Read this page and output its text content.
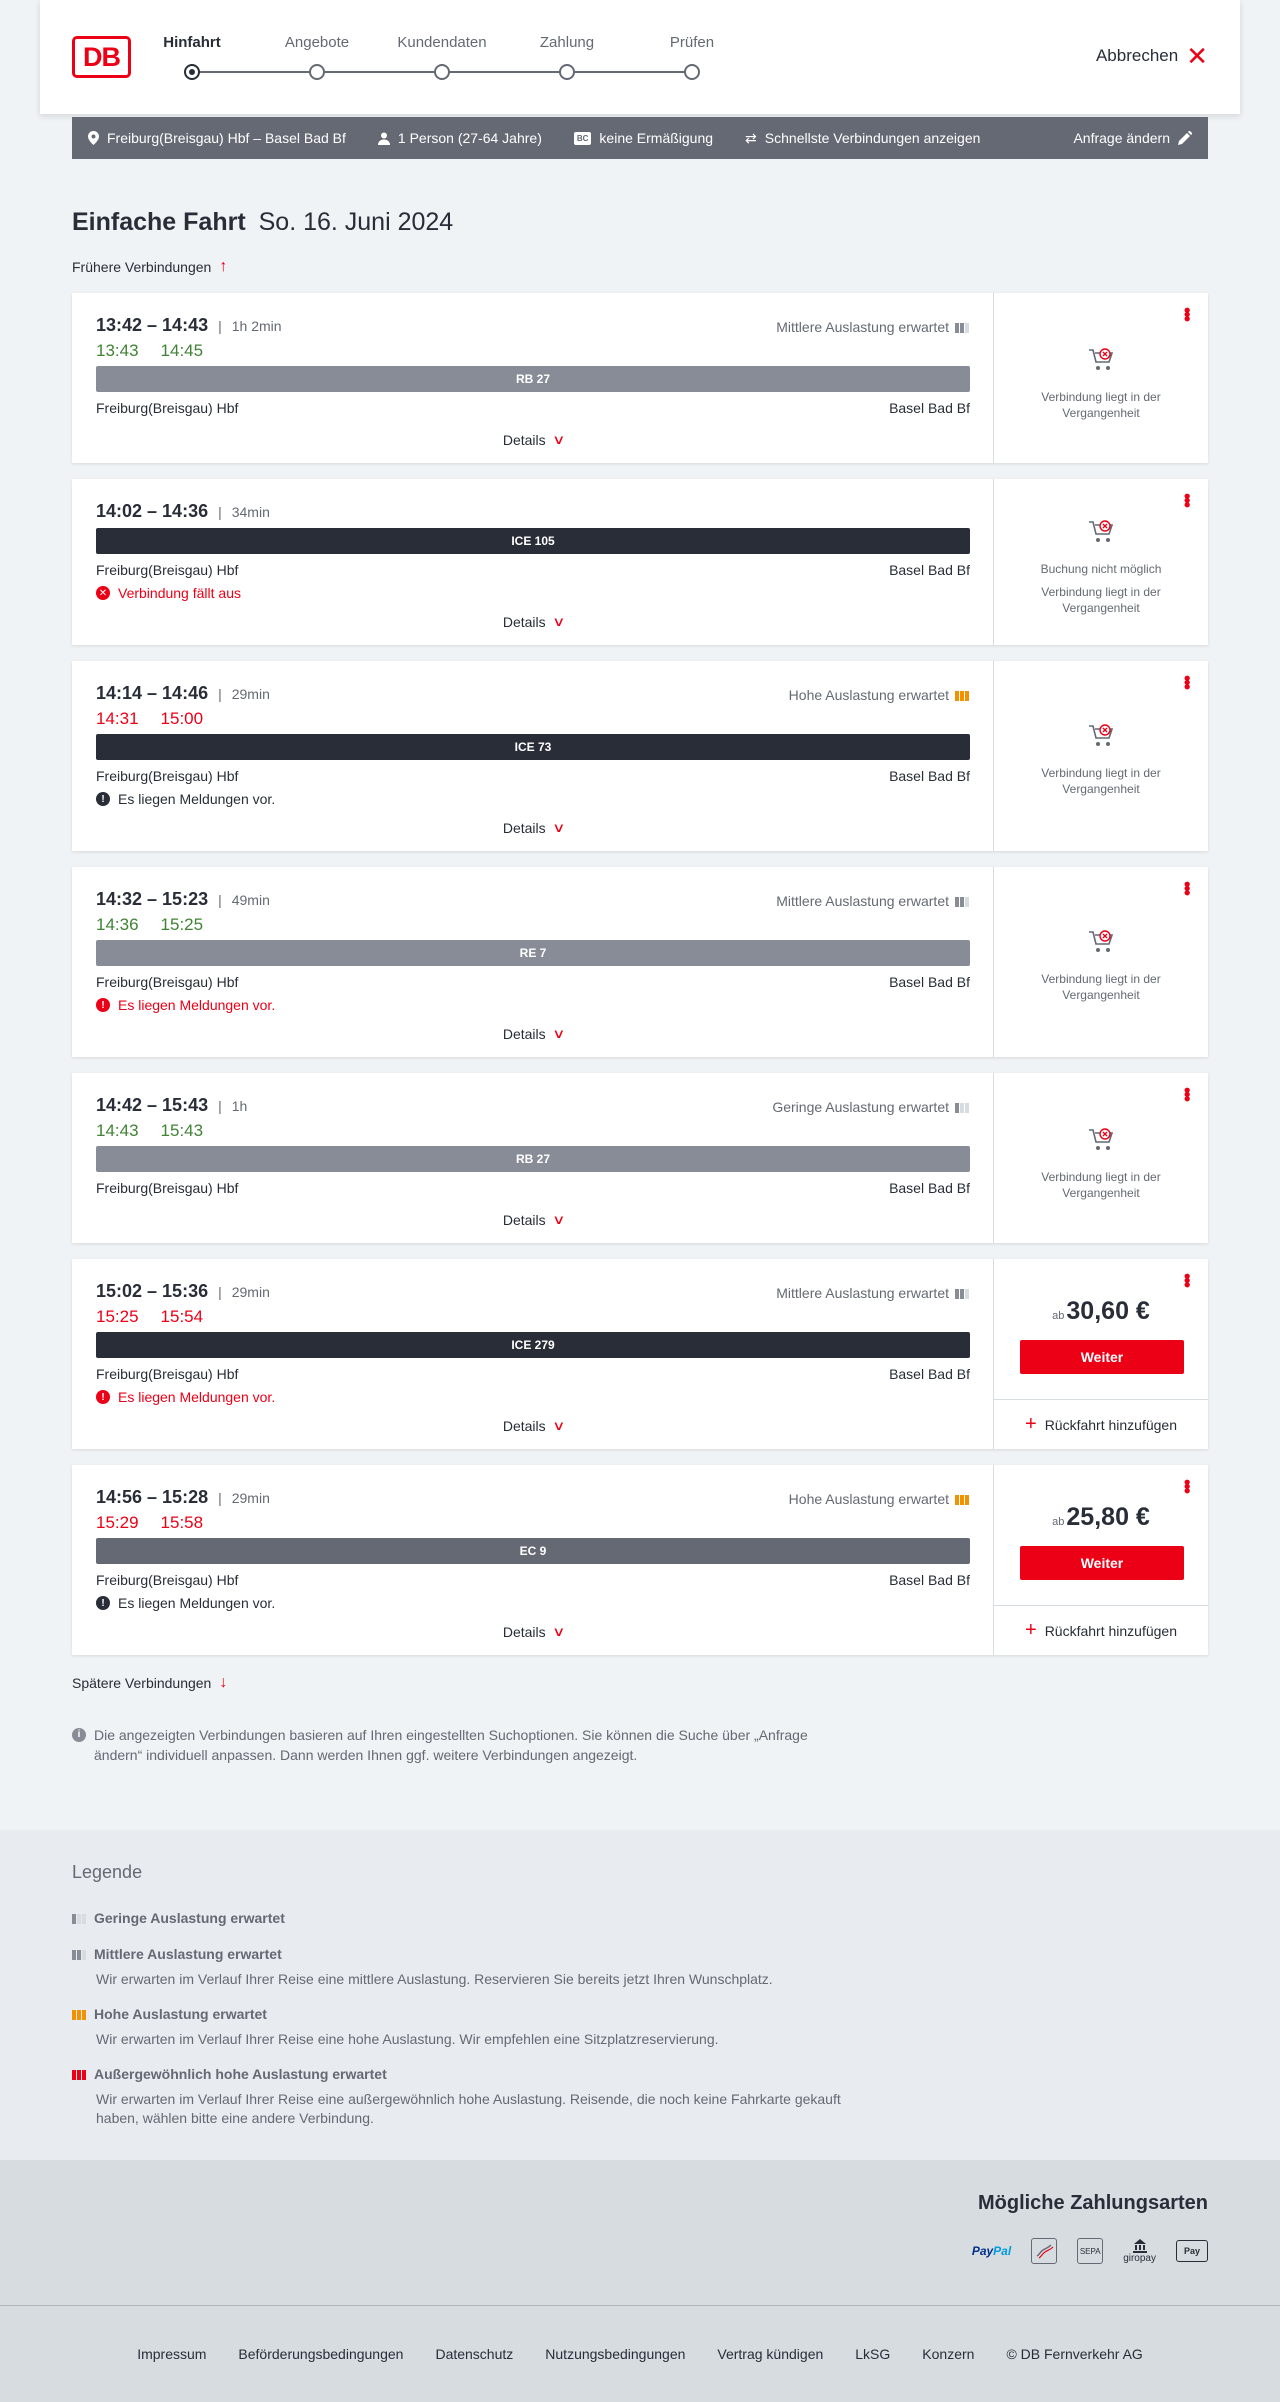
DB	Hinfahrt	Angebote	Kundendaten	Zahlung	Prüfen
Abbrechen ✕
Freiburg(Breisgau) Hbf – Basel Bad Bf	1 Person (27-64 Jahre)	BC keine Ermäßigung ⇄ Schnellste Verbindungen anzeigen	Anfrage ändern
Einfache Fahrt So. 16. Juni 2024
Frühere Verbindungen ↑
13:42 – 14:43 | 1h 2min
13:43 14:45
Mittlere Auslastung erwartet
RB 27
Freiburg(Breisgau) Hbf	Basel Bad Bf
Details ∨
•••
Verbindung liegt in der Vergangenheit
14:02 – 14:36 | 34min
ICE 105
Freiburg(Breisgau) Hbf	Basel Bad Bf
✕ Verbindung fällt aus
Details ∨
•••
Buchung nicht möglich
Verbindung liegt in der Vergangenheit
14:14 – 14:46 | 29min
14:31 15:00
Hohe Auslastung erwartet
ICE 73
Freiburg(Breisgau) Hbf	Basel Bad Bf
! Es liegen Meldungen vor.
Details ∨
•••
Verbindung liegt in der Vergangenheit
14:32 – 15:23 | 49min
14:36 15:25
Mittlere Auslastung erwartet
RE 7
Freiburg(Breisgau) Hbf	Basel Bad Bf
! Es liegen Meldungen vor.
Details ∨
•••
Verbindung liegt in der Vergangenheit
14:42 – 15:43 | 1h
14:43 15:43
Geringe Auslastung erwartet
RB 27
Freiburg(Breisgau) Hbf	Basel Bad Bf
Details ∨
•••
Verbindung liegt in der Vergangenheit
15:02 – 15:36 | 29min
15:25 15:54
Mittlere Auslastung erwartet
ICE 279
Freiburg(Breisgau) Hbf	Basel Bad Bf
! Es liegen Meldungen vor.
Details ∨
•••
ab30,60 €
Weiter
+ Rückfahrt hinzufügen
14:56 – 15:28 | 29min
15:29 15:58
Hohe Auslastung erwartet
EC 9
Freiburg(Breisgau) Hbf	Basel Bad Bf
! Es liegen Meldungen vor.
Details ∨
•••
ab25,80 €
Weiter
+ Rückfahrt hinzufügen
Spätere Verbindungen ↓
i Die angezeigten Verbindungen basieren auf Ihren eingestellten Suchoptionen. Sie können die Suche über „Anfrage ändern“ individuell anpassen. Dann werden Ihnen ggf. weitere Verbindungen angezeigt.
Legende
Geringe Auslastung erwartet
Mittlere Auslastung erwartet
Wir erwarten im Verlauf Ihrer Reise eine mittlere Auslastung. Reservieren Sie bereits jetzt Ihren Wunschplatz.
Hohe Auslastung erwartet
Wir erwarten im Verlauf Ihrer Reise eine hohe Auslastung. Wir empfehlen eine Sitzplatzreservierung.
Außergewöhnlich hohe Auslastung erwartet
Wir erwarten im Verlauf Ihrer Reise eine außergewöhnlich hohe Auslastung. Reisende, die noch keine Fahrkarte gekauft haben, wählen bitte eine andere Verbindung.
Mögliche Zahlungsarten
Pay Pal	SEPA
giropay
Pay
Impressum Beförderungsbedingungen Datenschutz Nutzungsbedingungen Vertrag kündigen LkSG Konzern © DB Fernverkehr AG
